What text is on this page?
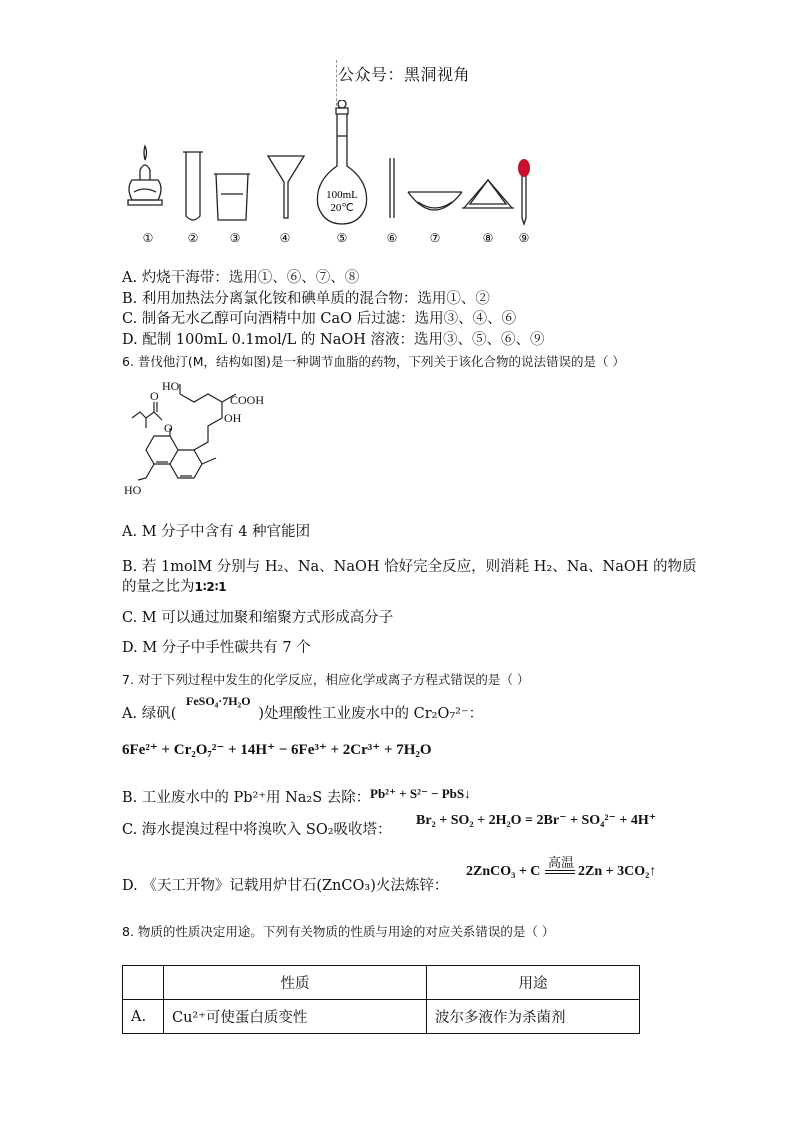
公众号：黑洞视角
100mL
20℃
①	②	③	④	⑤	⑥	⑦	⑧ ⑨
A. 灼烧干海带：选用①、⑥、⑦、⑧
B. 利用加热法分离氯化铵和碘单质的混合物：选用①、②
C. 制备无水乙醇可向酒精中加 CaO 后过滤：选用③、④、⑥
D. 配制 100mL 0.1mol/L 的 NaOH 溶液：选用③、⑤、⑥、⑨
6. 普伐他汀(M，结构如图)是一种调节血脂的药物，下列关于该化合物的说法错误的是（ ）
HO
COOH
OH
O
O
HO
A. M 分子中含有 4 种官能团
B. 若 1molM 分别与 H₂、Na、NaOH 恰好完全反应，则消耗 H₂、Na、NaOH 的物质
的量之比为1∶2∶1
C. M 可以通过加聚和缩聚方式形成高分子
D. M 分子中手性碳共有 7 个
7. 对于下列过程中发生的化学反应，相应化学或离子方程式错误的是（ ）
FeSO₄·7H₂O
A. 绿矾(	)处理酸性工业废水中的 Cr₂O₇²⁻：
6Fe²⁺ + Cr₂O₇²⁻ + 14H⁺ − 6Fe³⁺ + 2Cr³⁺ + 7H₂O
B. 工业废水中的 Pb²⁺用 Na₂S 去除： Pb²⁺ + S²⁻ − PbS↓
C. 海水提溴过程中将溴吹入 SO₂吸收塔：
Br₂ + SO₂ + 2H₂O = 2Br⁻ + SO₄²⁻ + 4H⁺
D. 《天工开物》记载用炉甘石(ZnCO₃)火法炼锌：
高温
2ZnCO₃ + C	2Zn + 3CO₂↑
8. 物质的性质决定用途。下列有关物质的性质与用途的对应关系错误的是（ ）
	性质	用途
A.	Cu²⁺可使蛋白质变性	波尔多液作为杀菌剂
